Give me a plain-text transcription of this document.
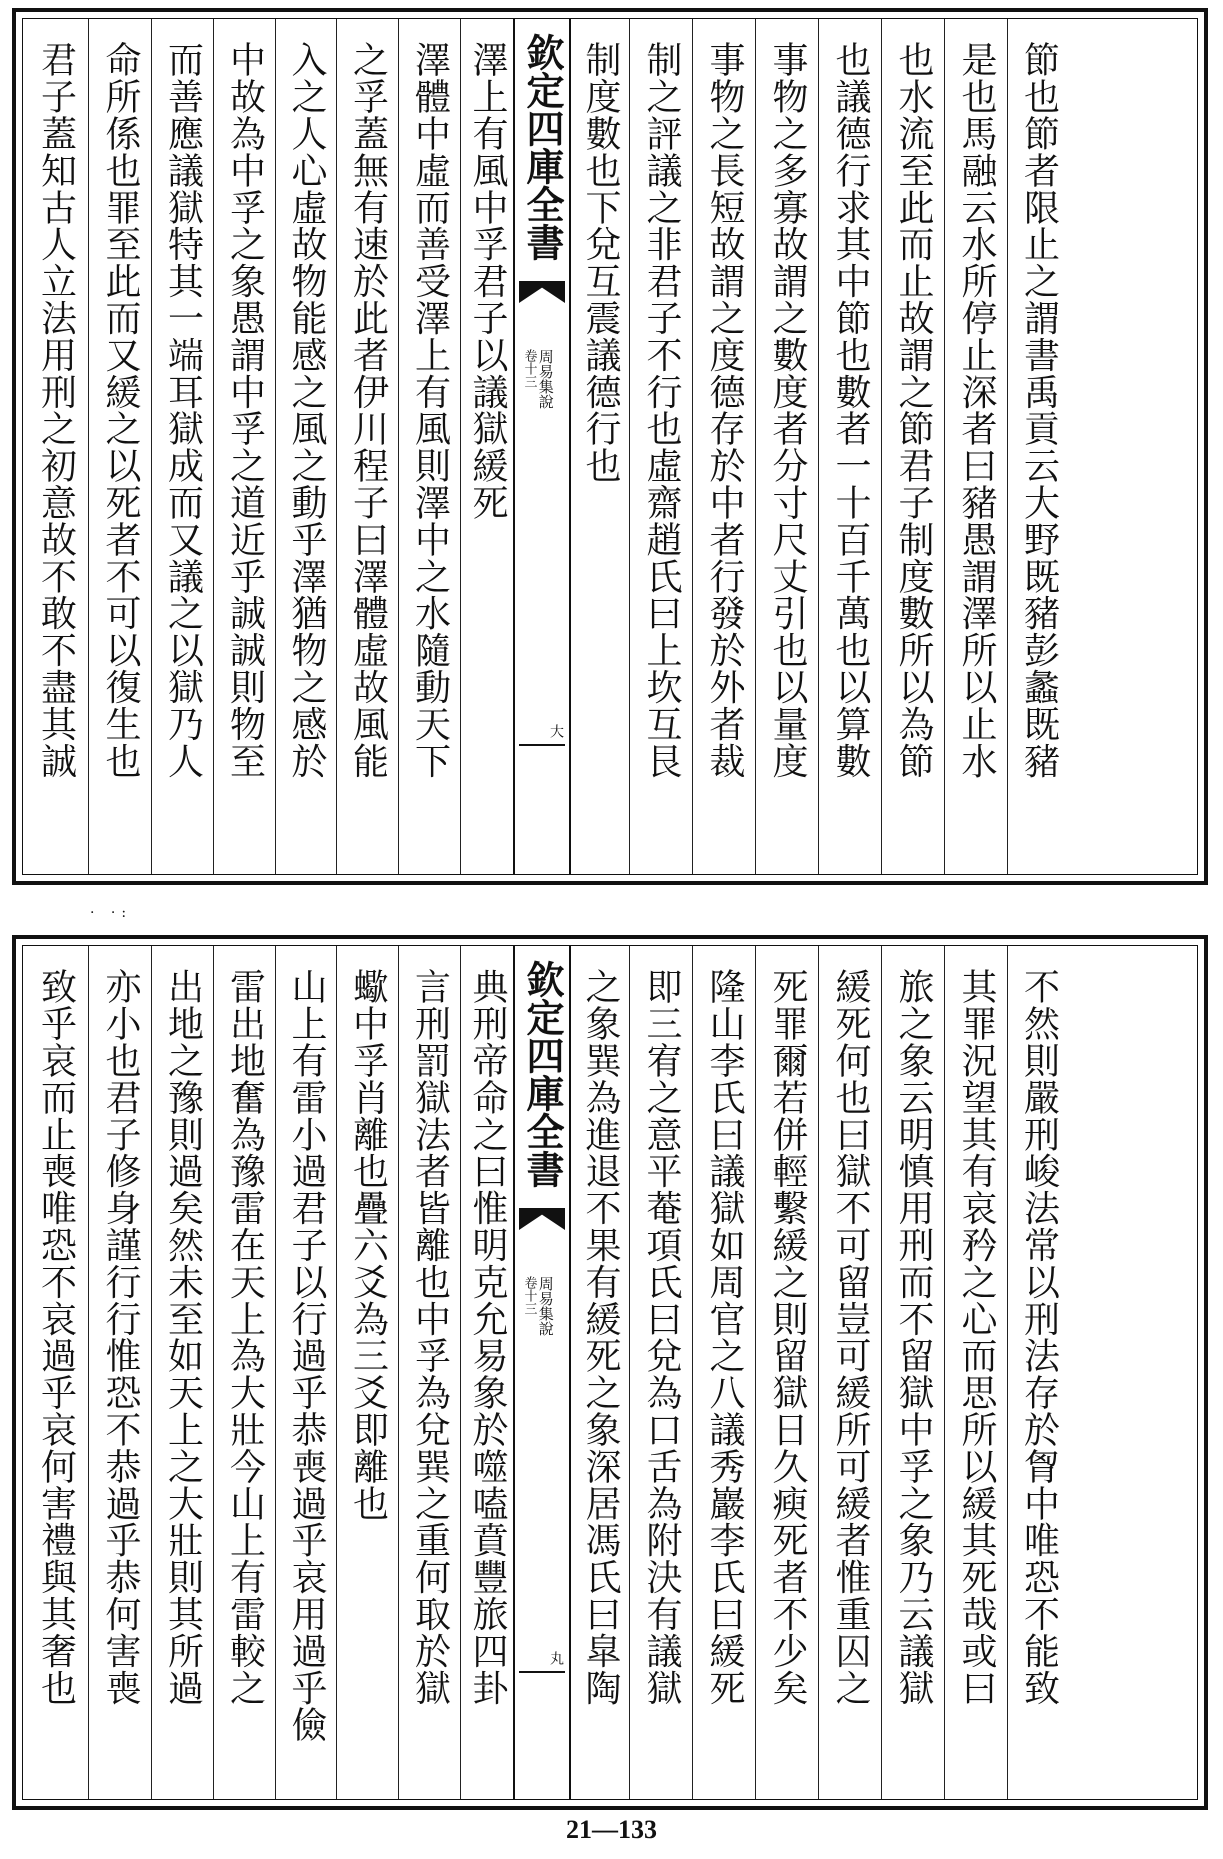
君子蓋知古人立法用刑之初意故不敢不盡其誠 命所係也罪至此而又緩之以死者不可以復生也 而善應議獄特其一端耳獄成而又議之以獄乃人 中故為中孚之象愚謂中孚之道近乎誠誠則物至 入之人心虛故物能感之風之動乎澤猶物之感於 之孚蓋無有速於此者伊川程子曰澤體虛故風能 澤體中虛而善受澤上有風則澤中之水隨動天下 澤上有風中孚君子以議獄緩死 欽定四庫全書
周易集說
卷十三
大
制度數也下兌互震議德行也 制之評議之非君子不行也虛齋趙氏曰上坎互艮 事物之長短故謂之度德存於中者行發於外者裁 事物之多寡故謂之數度者分寸尺丈引也以量度 也議德行求其中節也數者一十百千萬也以算數 也水流至此而止故謂之節君子制度數所以為節 是也馬融云水所停止深者曰豬愚謂澤所以止水 節也節者限止之謂書禹貢云大野既豬彭蠡既豬
· ·:
致乎哀而止喪唯恐不哀過乎哀何害禮與其奢也 亦小也君子修身謹行行惟恐不恭過乎恭何害喪 出地之豫則過矣然未至如天上之大壯則其所過 雷出地奮為豫雷在天上為大壯今山上有雷較之 山上有雷小過君子以行過乎恭喪過乎哀用過乎儉 蠍中孚肖離也疊六爻為三爻即離也 言刑罰獄法者皆離也中孚為兌巽之重何取於獄 典刑帝命之曰惟明克允易象於噬嗑賁豐旅四卦 欽定四庫全書
周易集說
卷十三
丸 之象巽為進退不果有緩死之象深居馮氏曰皐陶 即三宥之意平菴項氏曰兌為口舌為附決有議獄 隆山李氏曰議獄如周官之八議秀巖李氏曰緩死 死罪爾若併輕繫緩之則留獄日久瘐死者不少矣 緩死何也曰獄不可留豈可緩所可緩者惟重囚之 旅之象云明慎用刑而不留獄中孚之象乃云議獄 其罪況望其有哀矜之心而思所以緩其死哉或曰 不然則嚴刑峻法常以刑法存於胷中唯恐不能致
21—133
